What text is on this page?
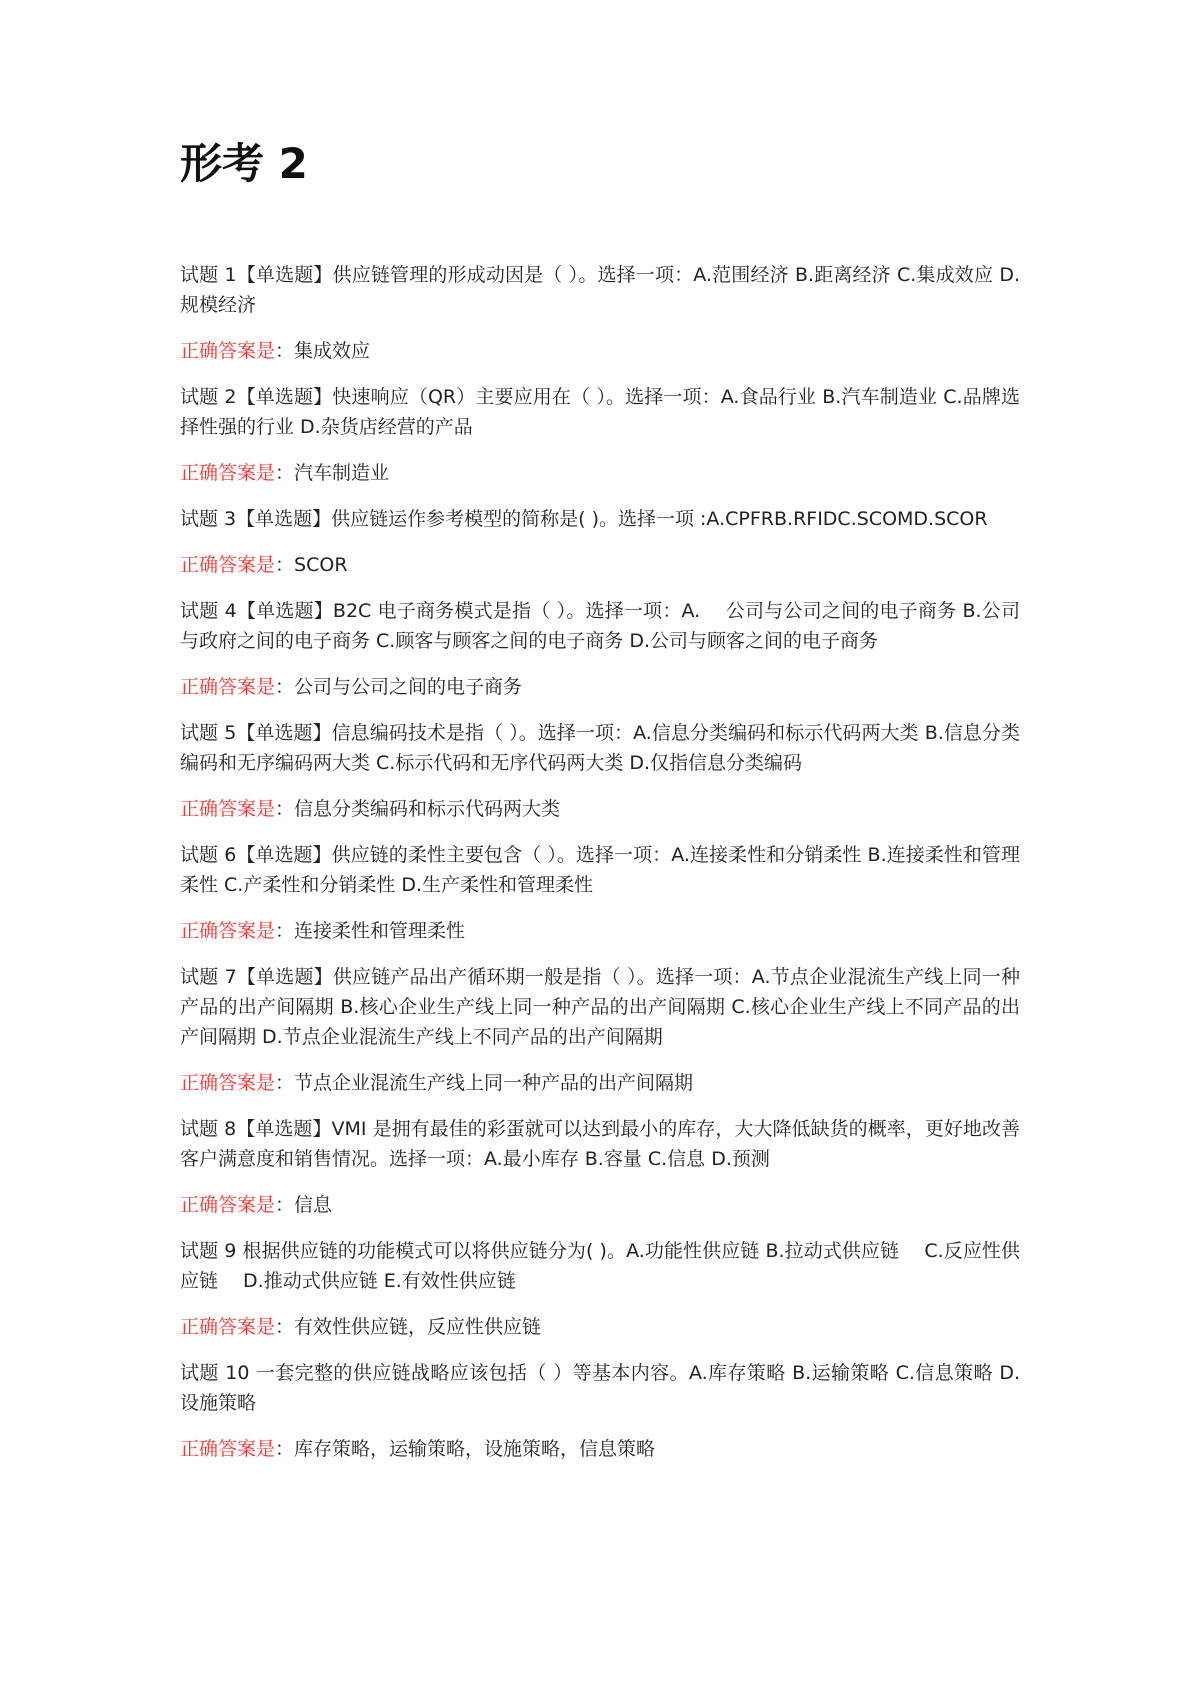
形考 2

试题 1【单选题】供应链管理的形成动因是（ ）。选择一项：A.范围经济 B.距离经济 C.集成效应 D.规模经济

正确答案是：集成效应

试题 2【单选题】快速响应（QR）主要应用在（ ）。选择一项：A.食品行业 B.汽车制造业 C.品牌选择性强的行业 D.杂货店经营的产品

正确答案是：汽车制造业

试题 3【单选题】供应链运作参考模型的简称是( )。选择一项 :A.CPFRB.RFIDC.SCOMD.SCOR

正确答案是：SCOR

试题 4【单选题】B2C 电子商务模式是指（ ）。选择一项：A.　 公司与公司之间的电子商务 B.公司与政府之间的电子商务 C.顾客与顾客之间的电子商务 D.公司与顾客之间的电子商务

正确答案是：公司与公司之间的电子商务

试题 5【单选题】信息编码技术是指（ ）。选择一项：A.信息分类编码和标示代码两大类 B.信息分类编码和无序编码两大类 C.标示代码和无序代码两大类 D.仅指信息分类编码

正确答案是：信息分类编码和标示代码两大类

试题 6【单选题】供应链的柔性主要包含（ ）。选择一项：A.连接柔性和分销柔性 B.连接柔性和管理柔性 C.产柔性和分销柔性 D.生产柔性和管理柔性

正确答案是：连接柔性和管理柔性

试题 7【单选题】供应链产品出产循环期一般是指（ ）。选择一项：A.节点企业混流生产线上同一种产品的出产间隔期 B.核心企业生产线上同一种产品的出产间隔期 C.核心企业生产线上不同产品的出产间隔期 D.节点企业混流生产线上不同产品的出产间隔期

正确答案是：节点企业混流生产线上同一种产品的出产间隔期

试题 8【单选题】VMI 是拥有最佳的彩蛋就可以达到最小的库存，大大降低缺货的概率，更好地改善客户满意度和销售情况。选择一项：A.最小库存 B.容量 C.信息 D.预测

正确答案是：信息

试题 9 根据供应链的功能模式可以将供应链分为( )。A.功能性供应链 B.拉动式供应链　 C.反应性供应链　 D.推动式供应链 E.有效性供应链

正确答案是：有效性供应链，反应性供应链

试题 10 一套完整的供应链战略应该包括（ ）等基本内容。A.库存策略 B.运输策略 C.信息策略 D.设施策略

正确答案是：库存策略，运输策略，设施策略，信息策略
